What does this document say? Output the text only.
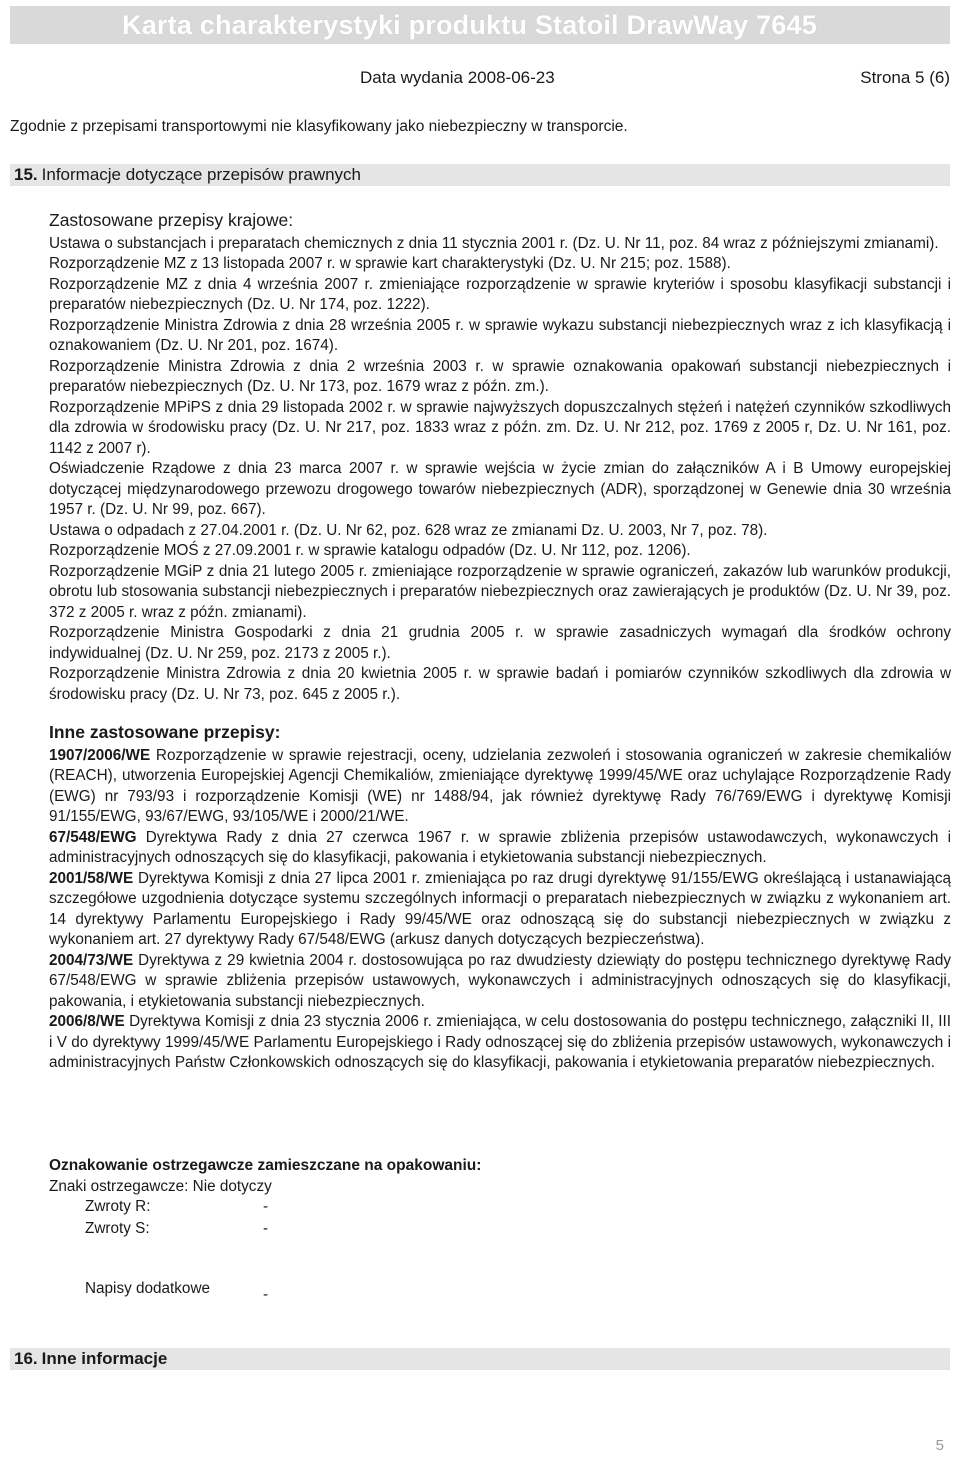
Karta charakterystyki produktu Statoil DrawWay 7645
Data wydania 2008-06-23	Strona 5 (6)
Zgodnie z przepisami transportowymi nie klasyfikowany jako niebezpieczny w transporcie.
15. Informacje dotyczące przepisów prawnych
Zastosowane przepisy krajowe:

Ustawa o substancjach i preparatach chemicznych z dnia 11 stycznia 2001 r. (Dz. U. Nr 11, poz. 84 wraz z późniejszymi zmianami).

Rozporządzenie MZ z 13 listopada 2007 r. w sprawie kart charakterystyki (Dz. U. Nr 215; poz. 1588).

Rozporządzenie MZ z dnia 4 września 2007 r. zmieniające rozporządzenie w sprawie kryteriów i sposobu klasyfikacji substancji i preparatów niebezpiecznych (Dz. U. Nr 174, poz. 1222).

Rozporządzenie Ministra Zdrowia z dnia 28 września 2005 r. w sprawie wykazu substancji niebezpiecznych wraz z ich klasyfikacją i oznakowaniem (Dz. U. Nr 201, poz. 1674).

Rozporządzenie Ministra Zdrowia z dnia 2 września 2003 r. w sprawie oznakowania opakowań substancji niebezpiecznych i preparatów niebezpiecznych (Dz. U. Nr 173, poz. 1679 wraz z późn. zm.).

Rozporządzenie MPiPS z dnia 29 listopada 2002 r. w sprawie najwyższych dopuszczalnych stężeń i natężeń czynników szkodliwych dla zdrowia w środowisku pracy (Dz. U. Nr 217, poz. 1833 wraz z późn. zm. Dz. U. Nr 212, poz. 1769 z 2005 r, Dz. U. Nr 161, poz. 1142 z 2007 r).

Oświadczenie Rządowe z dnia 23 marca 2007 r. w sprawie wejścia w życie zmian do załączników A i B Umowy europejskiej dotyczącej międzynarodowego przewozu drogowego towarów niebezpiecznych (ADR), sporządzonej w Genewie dnia 30 września 1957 r. (Dz. U. Nr 99, poz. 667).

Ustawa o odpadach z 27.04.2001 r. (Dz. U. Nr 62, poz. 628 wraz ze zmianami Dz. U. 2003, Nr 7, poz. 78).

Rozporządzenie MOŚ z 27.09.2001 r. w sprawie katalogu odpadów (Dz. U. Nr 112, poz. 1206).

Rozporządzenie MGiP z dnia 21 lutego 2005 r. zmieniające rozporządzenie w sprawie ograniczeń, zakazów lub warunków produkcji, obrotu lub stosowania substancji niebezpiecznych i preparatów niebezpiecznych oraz zawierających je produktów (Dz. U. Nr 39, poz. 372 z 2005 r. wraz z późn. zmianami).

Rozporządzenie Ministra Gospodarki z dnia 21 grudnia 2005 r. w sprawie zasadniczych wymagań dla środków ochrony indywidualnej (Dz. U. Nr 259, poz. 2173 z 2005 r.).

Rozporządzenie Ministra Zdrowia z dnia 20 kwietnia 2005 r. w sprawie badań i pomiarów czynników szkodliwych dla zdrowia w środowisku pracy (Dz. U. Nr 73, poz. 645 z 2005 r.).

Inne zastosowane przepisy:

1907/2006/WE Rozporządzenie w sprawie rejestracji, oceny, udzielania zezwoleń i stosowania ograniczeń w zakresie chemikaliów (REACH), utworzenia Europejskiej Agencji Chemikaliów, zmieniające dyrektywę 1999/45/WE oraz uchylające Rozporządzenie Rady (EWG) nr 793/93 i rozporządzenie Komisji (WE) nr 1488/94, jak również dyrektywę Rady 76/769/EWG i dyrektywę Komisji 91/155/EWG, 93/67/EWG, 93/105/WE i 2000/21/WE.

67/548/EWG Dyrektywa Rady z dnia 27 czerwca 1967 r. w sprawie zbliżenia przepisów ustawodawczych, wykonawczych i administracyjnych odnoszących się do klasyfikacji, pakowania i etykietowania substancji niebezpiecznych.

2001/58/WE Dyrektywa Komisji z dnia 27 lipca 2001 r. zmieniająca po raz drugi dyrektywę 91/155/EWG określającą i ustanawiającą szczegółowe uzgodnienia dotyczące systemu szczególnych informacji o preparatach niebezpiecznych w związku z wykonaniem art. 14 dyrektywy Parlamentu Europejskiego i Rady 99/45/WE oraz odnoszącą się do substancji niebezpiecznych w związku z wykonaniem art. 27 dyrektywy Rady 67/548/EWG (arkusz danych dotyczących bezpieczeństwa).

2004/73/WE Dyrektywa z 29 kwietnia 2004 r. dostosowująca po raz dwudziesty dziewiąty do postępu technicznego dyrektywę Rady 67/548/EWG w sprawie zbliżenia przepisów ustawowych, wykonawczych i administracyjnych odnoszących się do klasyfikacji, pakowania, i etykietowania substancji niebezpiecznych.

2006/8/WE Dyrektywa Komisji z dnia 23 stycznia 2006 r. zmieniająca, w celu dostosowania do postępu technicznego, załączniki II, III i V do dyrektywy 1999/45/WE Parlamentu Europejskiego i Rady odnoszącej się do zbliżenia przepisów ustawowych, wykonawczych i administracyjnych Państw Członkowskich odnoszących się do klasyfikacji, pakowania i etykietowania preparatów niebezpiecznych.

Oznakowanie ostrzegawcze zamieszczane na opakowaniu:
Znaki ostrzegawcze: Nie dotyczy
Zwroty R:	-
Zwroty S:	-
Napisy dodatkowe	-
16. Inne informacje
5
